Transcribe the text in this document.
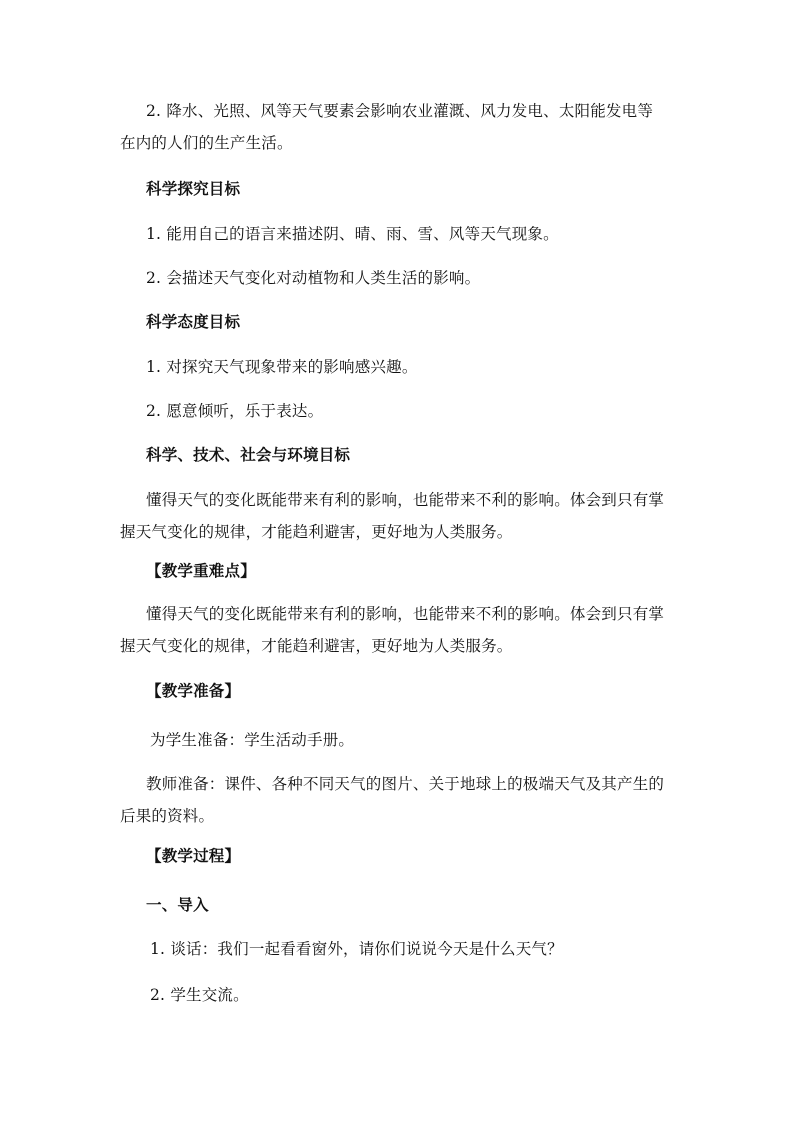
2. 降水、光照、风等天气要素会影响农业灌溉、风力发电、太阳能发电等
在内的人们的生产生活。
科学探究目标
1. 能用自己的语言来描述阴、晴、雨、雪、风等天气现象。
2. 会描述天气变化对动植物和人类生活的影响。
科学态度目标
1. 对探究天气现象带来的影响感兴趣。
2. 愿意倾听，乐于表达。
科学、技术、社会与环境目标
懂得天气的变化既能带来有利的影响，也能带来不利的影响。体会到只有掌
握天气变化的规律，才能趋利避害，更好地为人类服务。
【教学重难点】
懂得天气的变化既能带来有利的影响，也能带来不利的影响。体会到只有掌
握天气变化的规律，才能趋利避害，更好地为人类服务。
【教学准备】
为学生准备：学生活动手册。
教师准备：课件、各种不同天气的图片、关于地球上的极端天气及其产生的
后果的资料。
【教学过程】
一、导入
1. 谈话：我们一起看看窗外，请你们说说今天是什么天气？
2. 学生交流。
